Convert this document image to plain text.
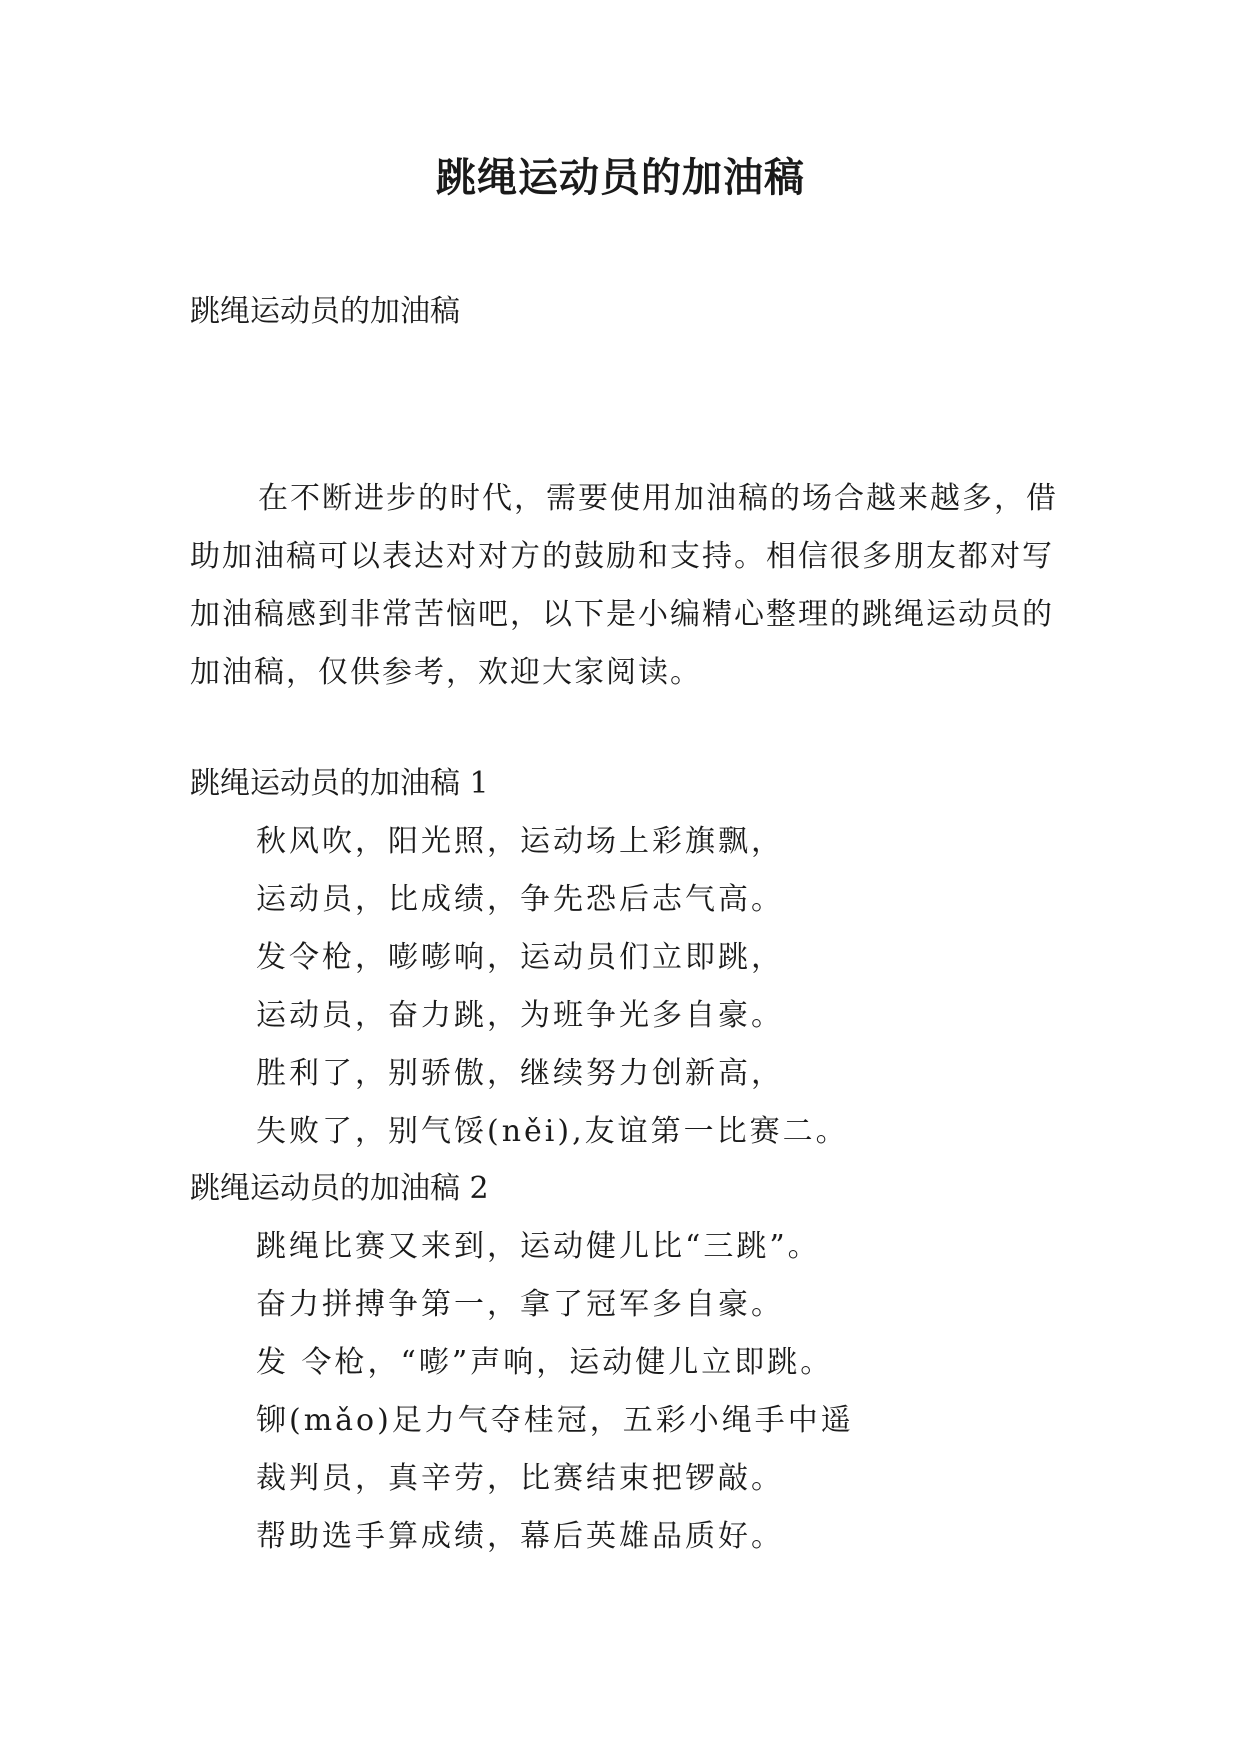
跳绳运动员的加油稿

跳绳运动员的加油稿

在不断进步的时代，需要使用加油稿的场合越来越多，借助加油稿可以表达对对方的鼓励和支持。相信很多朋友都对写加油稿感到非常苦恼吧，以下是小编精心整理的跳绳运动员的加油稿，仅供参考，欢迎大家阅读。

跳绳运动员的加油稿 1

秋风吹，阳光照，运动场上彩旗飘，
运动员，比成绩，争先恐后志气高。
发令枪，嘭嘭响，运动员们立即跳，
运动员，奋力跳，为班争光多自豪。
胜利了，别骄傲，继续努力创新高，
失败了，别气馁(něi),友谊第一比赛二。

跳绳运动员的加油稿 2

跳绳比赛又来到，运动健儿比“三跳”。
奋力拼搏争第一，拿了冠军多自豪。
发 令枪，“嘭”声响，运动健儿立即跳。
铆(mǎo)足力气夺桂冠，五彩小绳手中遥
裁判员，真辛劳，比赛结束把锣敲。
帮助选手算成绩，幕后英雄品质好。
